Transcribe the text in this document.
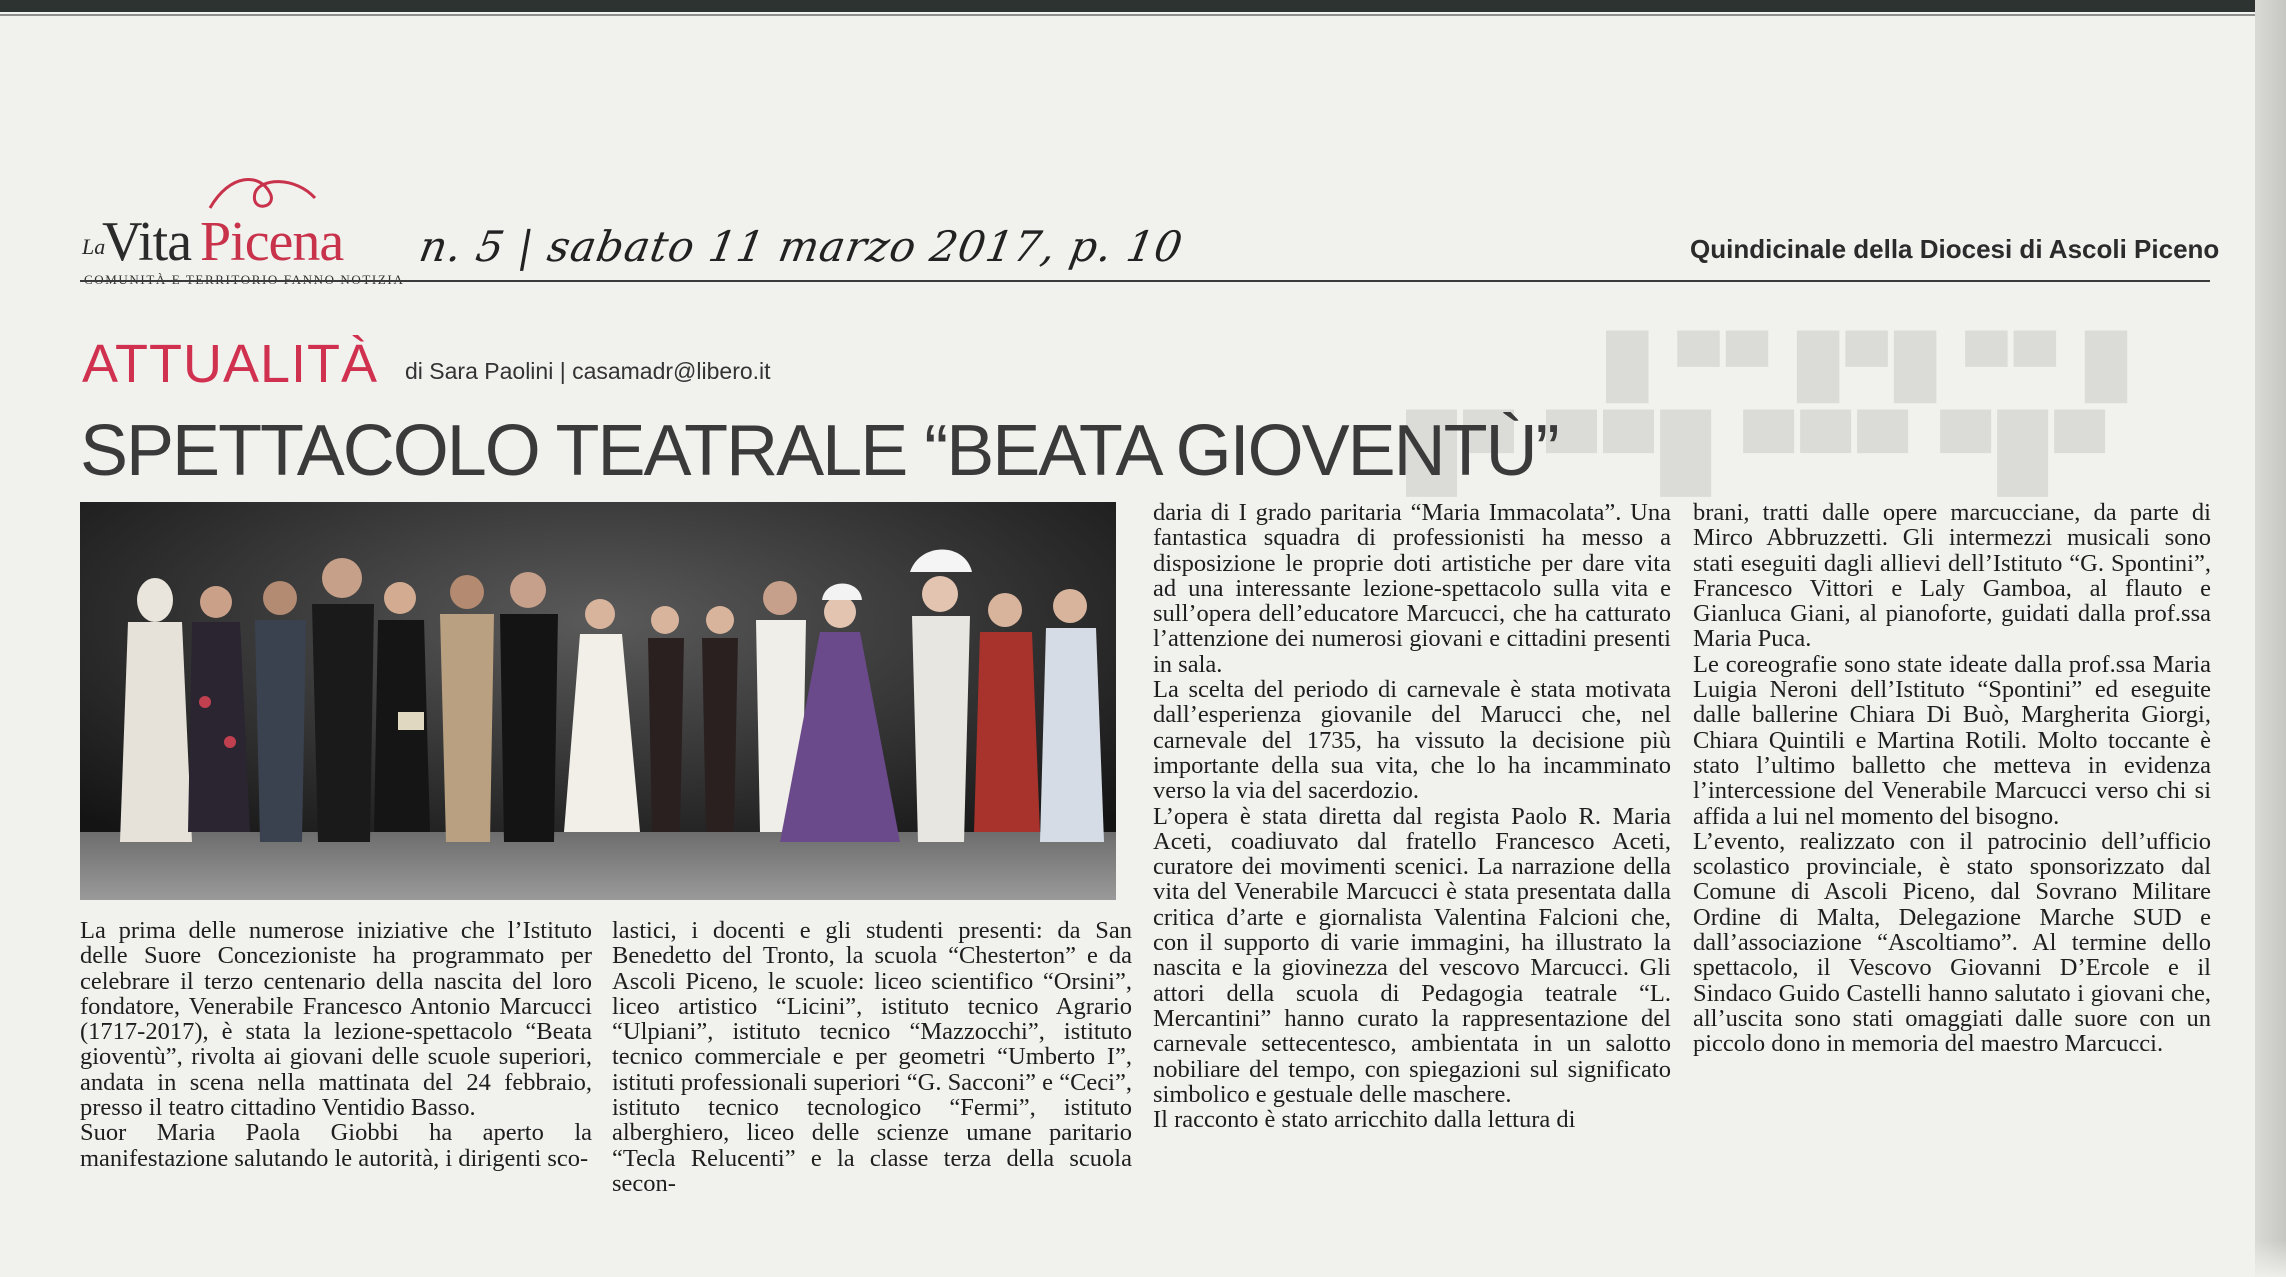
█ ▀▀ █▀█ ▀▀ █
▀█▀ ▀▀▀ █▀▀ ▀█
La
Vita Picena n. 5 | sabato 11 marzo 2017, p. 10	Quindicinale della Diocesi di Ascoli Piceno
ATTUALITÀ di Sara Paolini | casamadr@libero.it
SPETTACOLO TEATRALE “BEATA GIOVENTÙ”

La prima delle numerose iniziative che l’Istituto delle Suore Concezioniste ha programmato per celebrare il terzo centenario della nascita del loro fondatore, Venerabile Francesco Antonio Marcucci (1717-2017), è stata la lezione-spettacolo “Beata gioventù”, rivolta ai giovani delle scuole superiori, andata in scena nella mattinata del 24 febbraio, presso il teatro cittadino Ventidio Basso.

Suor Maria Paola Giobbi ha aperto la manifestazione salutando le autorità, i dirigenti sco-

lastici, i docenti e gli studenti presenti: da San Benedetto del Tronto, la scuola “Chesterton” e da Ascoli Piceno, le scuole: liceo scientifico “Orsini”, liceo artistico “Licini”, istituto tecnico Agrario “Ulpiani”, istituto tecnico “Mazzocchi”, istituto tecnico commerciale e per geometri “Umberto I”, istituti professionali superiori “G. Sacconi” e “Ceci”, istituto tecnico tecnologico “Fermi”, istituto alberghiero, liceo delle scienze umane paritario “Tecla Relucenti” e la classe terza della scuola secon-

daria di I grado paritaria “Maria Immacolata”. Una fantastica squadra di professionisti ha messo a disposizione le proprie doti artistiche per dare vita ad una interessante lezione-spettacolo sulla vita e sull’opera dell’educatore Marcucci, che ha catturato l’attenzione dei numerosi giovani e cittadini presenti in sala.

La scelta del periodo di carnevale è stata motivata dall’esperienza giovanile del Marucci che, nel carnevale del 1735, ha vissuto la decisione più importante della sua vita, che lo ha incamminato verso la via del sacerdozio.

L’opera è stata diretta dal regista Paolo R. Maria Aceti, coadiuvato dal fratello Francesco Aceti, curatore dei movimenti scenici. La narrazione della vita del Venerabile Marcucci è stata presentata dalla critica d’arte e giornalista Valentina Falcioni che, con il supporto di varie immagini, ha illustrato la nascita e la giovinezza del vescovo Marcucci. Gli attori della scuola di Pedagogia teatrale “L. Mercantini” hanno curato la rappresentazione del carnevale settecentesco, ambientata in un salotto nobiliare del tempo, con spiegazioni sul significato simbolico e gestuale delle maschere.

Il racconto è stato arricchito dalla lettura di

brani, tratti dalle opere marcucciane, da parte di Mirco Abbruzzetti. Gli intermezzi musicali sono stati eseguiti dagli allievi dell’Istituto “G. Spontini”, Francesco Vittori e Laly Gamboa, al flauto e Gianluca Giani, al pianoforte, guidati dalla prof.ssa Maria Puca.

Le coreografie sono state ideate dalla prof.ssa Maria Luigia Neroni dell’Istituto “Spontini” ed eseguite dalle ballerine Chiara Di Buò, Margherita Giorgi, Chiara Quintili e Martina Rotili. Molto toccante è stato l’ultimo balletto che metteva in evidenza l’intercessione del Venerabile Marcucci verso chi si affida a lui nel momento del bisogno.

L’evento, realizzato con il patrocinio dell’ufficio scolastico provinciale, è stato sponsorizzato dal Comune di Ascoli Piceno, dal Sovrano Militare Ordine di Malta, Delegazione Marche SUD e dall’associazione “Ascoltiamo”. Al termine dello spettacolo, il Vescovo Giovanni D’Ercole e il Sindaco Guido Castelli hanno salutato i giovani che, all’uscita sono stati omaggiati dalle suore con un piccolo dono in memoria del maestro Marcucci.
